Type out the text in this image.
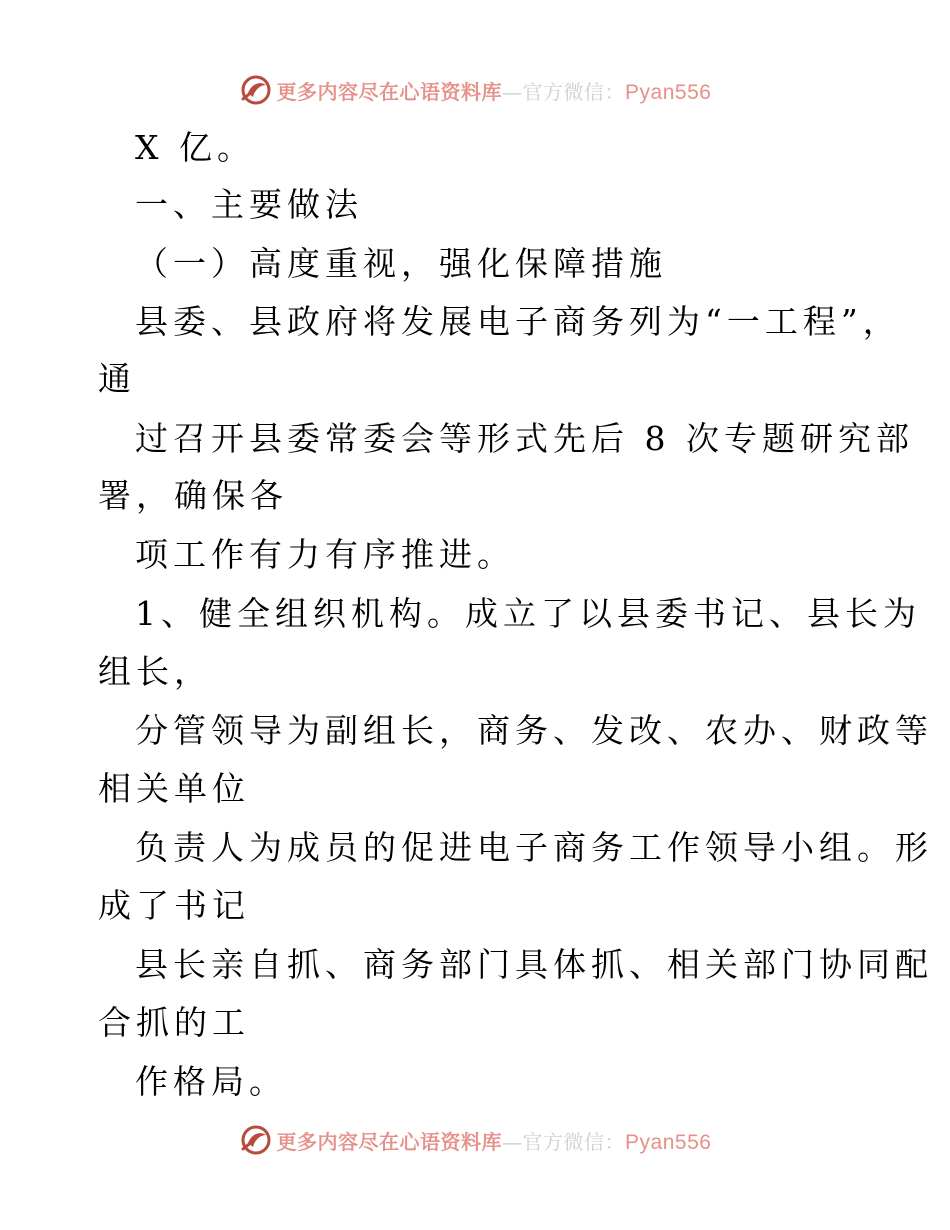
更多内容尽在心语资料库—官方微信：Pyan556
X 亿。
一、主要做法
（一）高度重视，强化保障措施
县委、县政府将发展电子商务列为“一工程”，
通
过召开县委常委会等形式先后 8 次专题研究部
署，确保各
项工作有力有序推进。
1、健全组织机构。成立了以县委书记、县长为
组长，
分管领导为副组长，商务、发改、农办、财政等
相关单位
负责人为成员的促进电子商务工作领导小组。形
成了书记
县长亲自抓、商务部门具体抓、相关部门协同配
合抓的工
作格局。
更多内容尽在心语资料库—官方微信：Pyan556
